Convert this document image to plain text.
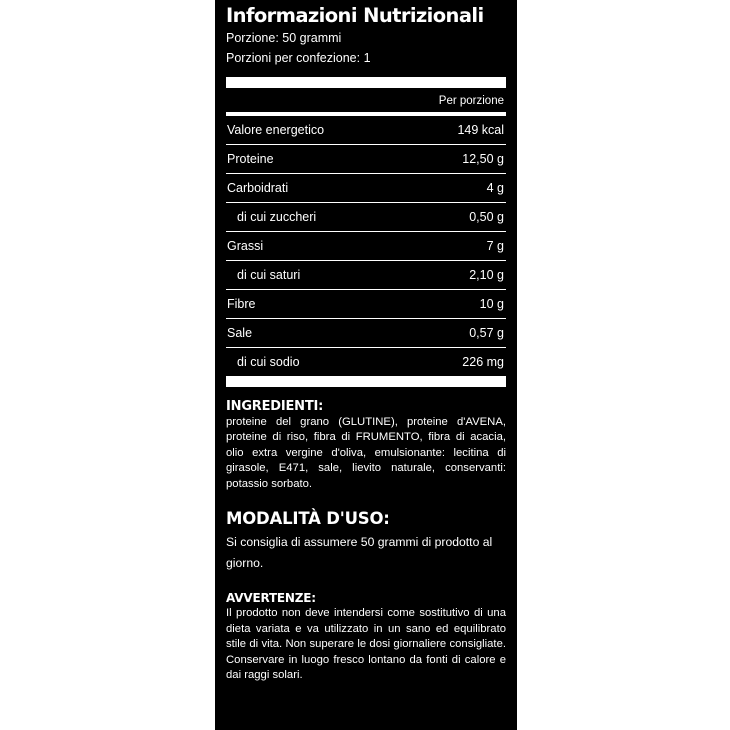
Informazioni Nutrizionali
Porzione: 50 grammi
Porzioni per confezione: 1
Per porzione
Valore energetico	149 kcal
Proteine	12,50 g
Carboidrati	4 g
di cui zuccheri	0,50 g
Grassi	7 g
di cui saturi	2,10 g
Fibre	10 g
Sale	0,57 g
di cui sodio	226 mg
INGREDIENTI:

proteine del grano (GLUTINE), proteine d'AVENA, proteine di riso, fibra di FRUMENTO, fibra di acacia, olio extra vergine d'oliva, emulsionante: lecitina di girasole, E471, sale, lievito naturale, conservanti: potassio sorbato.

MODALITÀ D'USO:
Si consiglia di assumere 50 grammi di prodotto al giorno.
AVVERTENZE:

Il prodotto non deve intendersi come sostitutivo di una dieta variata e va utilizzato in un sano ed equilibrato stile di vita. Non superare le dosi giornaliere consigliate. Conservare in luogo fresco lontano da fonti di calore e dai raggi solari.
